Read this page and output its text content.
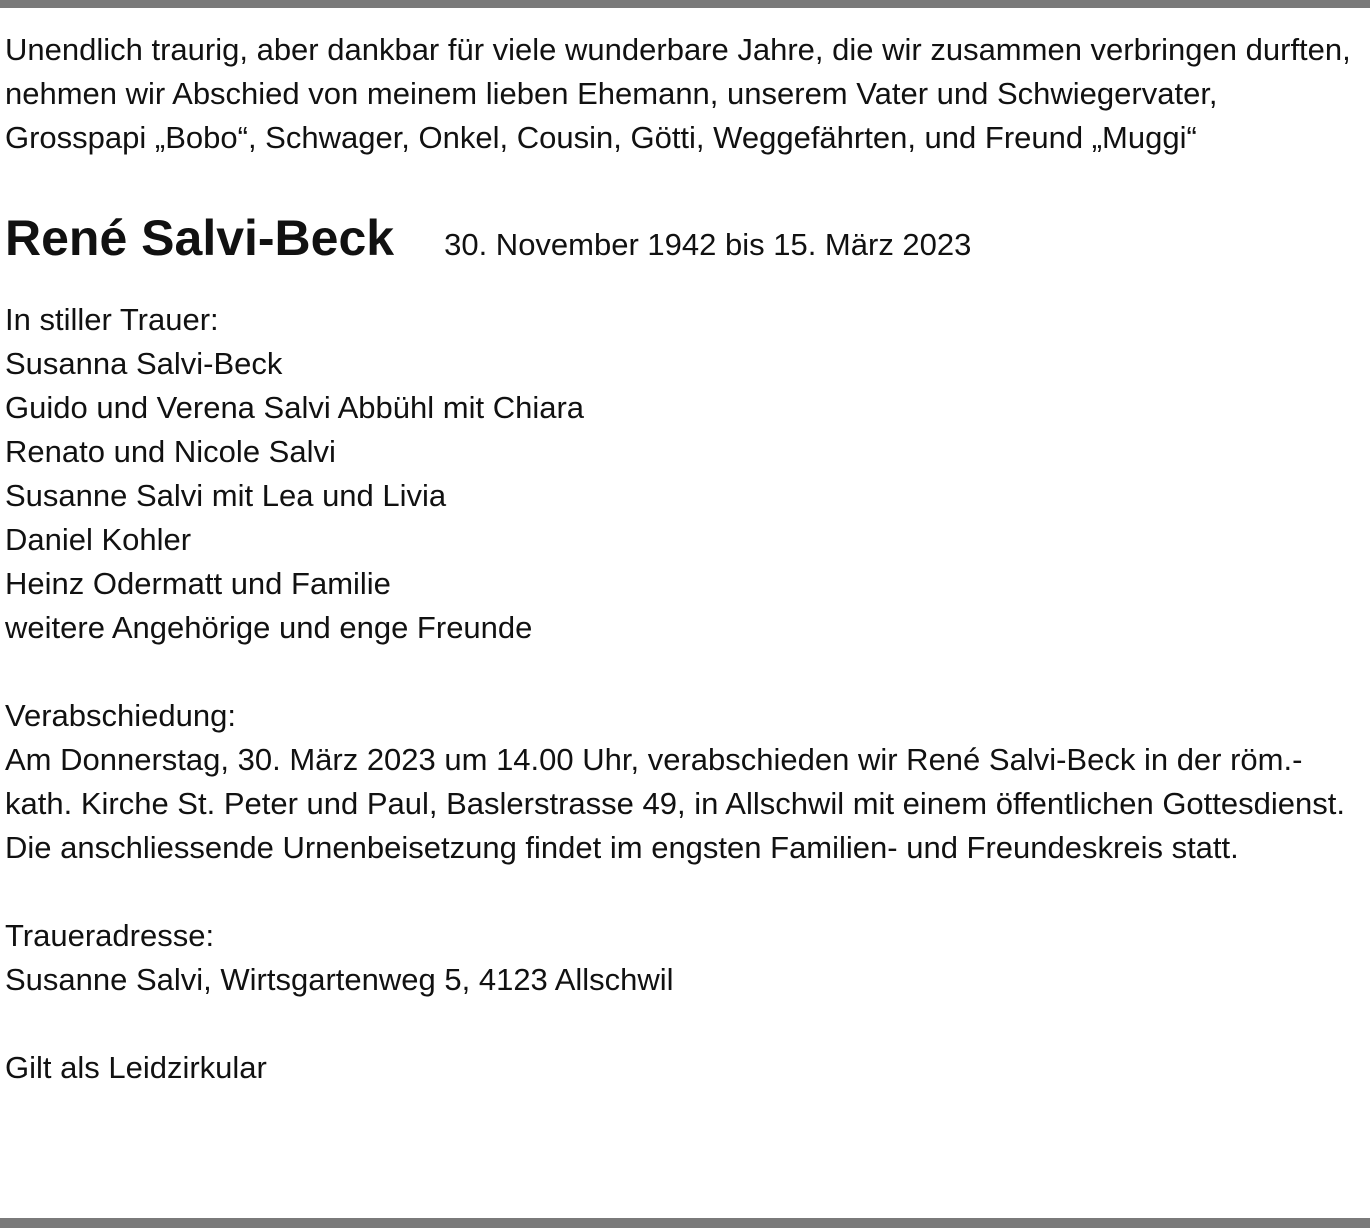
Unendlich traurig, aber dankbar für viele wunderbare Jahre, die wir zusammen verbringen durften, nehmen wir Abschied von meinem lieben Ehemann, unserem Vater und Schwiegervater, Grosspapi „Bobo“, Schwager, Onkel, Cousin, Götti, Weggefährten, und Freund „Muggi“

René Salvi-Beck 30. November 1942 bis 15. März 2023
In stiller Trauer:
Susanna Salvi-Beck
Guido und Verena Salvi Abbühl mit Chiara
Renato und Nicole Salvi
Susanne Salvi mit Lea und Livia
Daniel Kohler
Heinz Odermatt und Familie
weitere Angehörige und enge Freunde
Verabschiedung:

Am Donnerstag, 30. März 2023 um 14.00 Uhr, verabschieden wir René Salvi-Beck in der röm.-kath. Kirche St. Peter und Paul, Baslerstrasse 49, in Allschwil mit einem öffentlichen Gottesdienst. Die anschliessende Urnenbeisetzung findet im engsten Familien- und Freundeskreis statt.

Traueradresse:
Susanne Salvi, Wirtsgartenweg 5, 4123 Allschwil
Gilt als Leidzirkular
